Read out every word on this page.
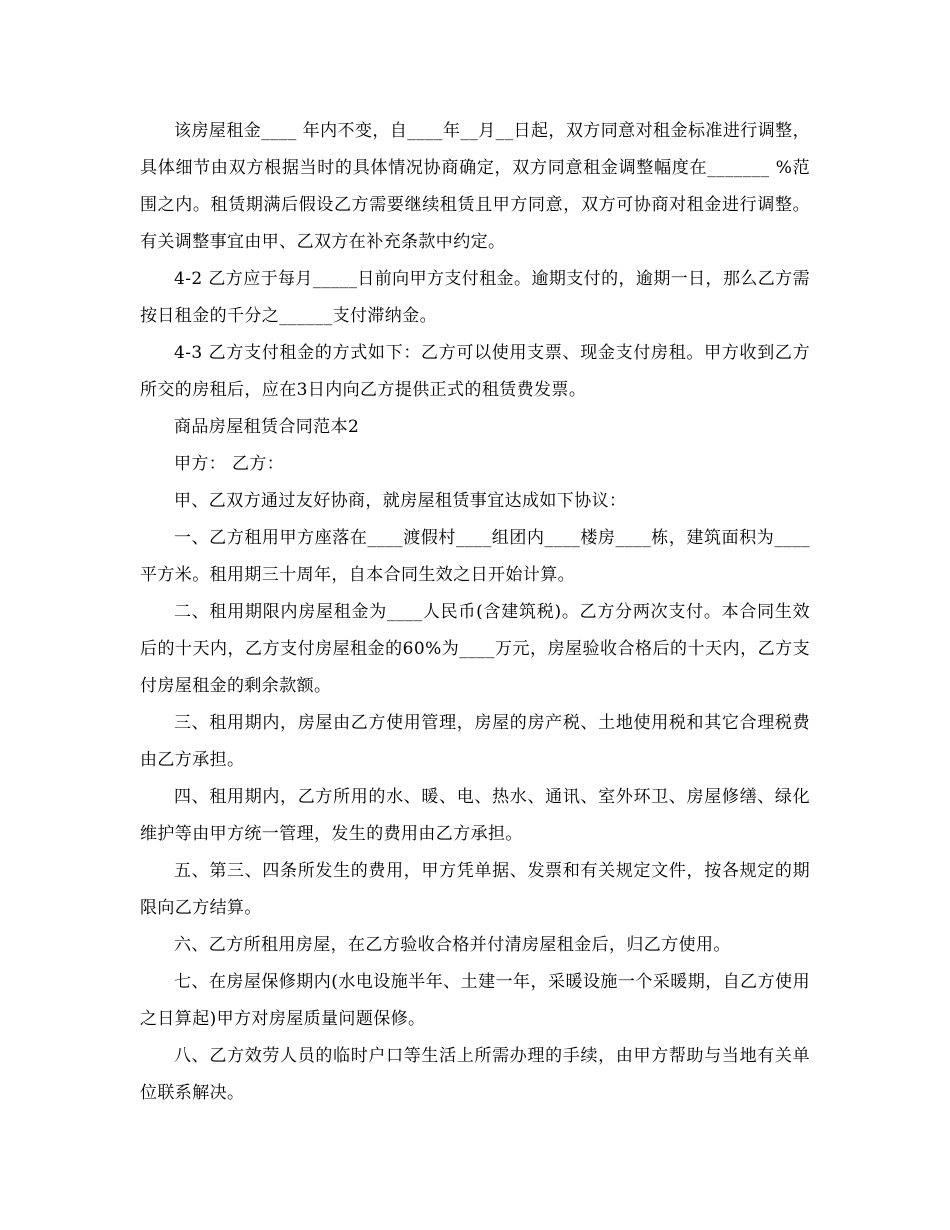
该房屋租金____ 年内不变，自____年__月__日起，双方同意对租金标准进行调整，具体细节由双方根据当时的具体情况协商确定，双方同意租金调整幅度在_______ %范围之内。租赁期满后假设乙方需要继续租赁且甲方同意，双方可协商对租金进行调整。有关调整事宜由甲、乙双方在补充条款中约定。

4-2 乙方应于每月_____日前向甲方支付租金。逾期支付的，逾期一日，那么乙方需按日租金的千分之______支付滞纳金。

4-3 乙方支付租金的方式如下：乙方可以使用支票、现金支付房租。甲方收到乙方所交的房租后，应在3日内向乙方提供正式的租赁费发票。

商品房屋租赁合同范本2

甲方： 乙方：

甲、乙双方通过友好协商，就房屋租赁事宜达成如下协议：

一、乙方租用甲方座落在____渡假村____组团内____楼房____栋，建筑面积为____平方米。租用期三十周年，自本合同生效之日开始计算。

二、租用期限内房屋租金为____人民币(含建筑税)。乙方分两次支付。本合同生效后的十天内，乙方支付房屋租金的60%为____万元，房屋验收合格后的十天内，乙方支付房屋租金的剩余款额。

三、租用期内，房屋由乙方使用管理，房屋的房产税、土地使用税和其它合理税费由乙方承担。

四、租用期内，乙方所用的水、暖、电、热水、通讯、室外环卫、房屋修缮、绿化维护等由甲方统一管理，发生的费用由乙方承担。

五、第三、四条所发生的费用，甲方凭单据、发票和有关规定文件，按各规定的期限向乙方结算。

六、乙方所租用房屋，在乙方验收合格并付清房屋租金后，归乙方使用。

七、在房屋保修期内(水电设施半年、土建一年，采暖设施一个采暖期，自乙方使用之日算起)甲方对房屋质量问题保修。

八、乙方效劳人员的临时户口等生活上所需办理的手续，由甲方帮助与当地有关单位联系解决。
